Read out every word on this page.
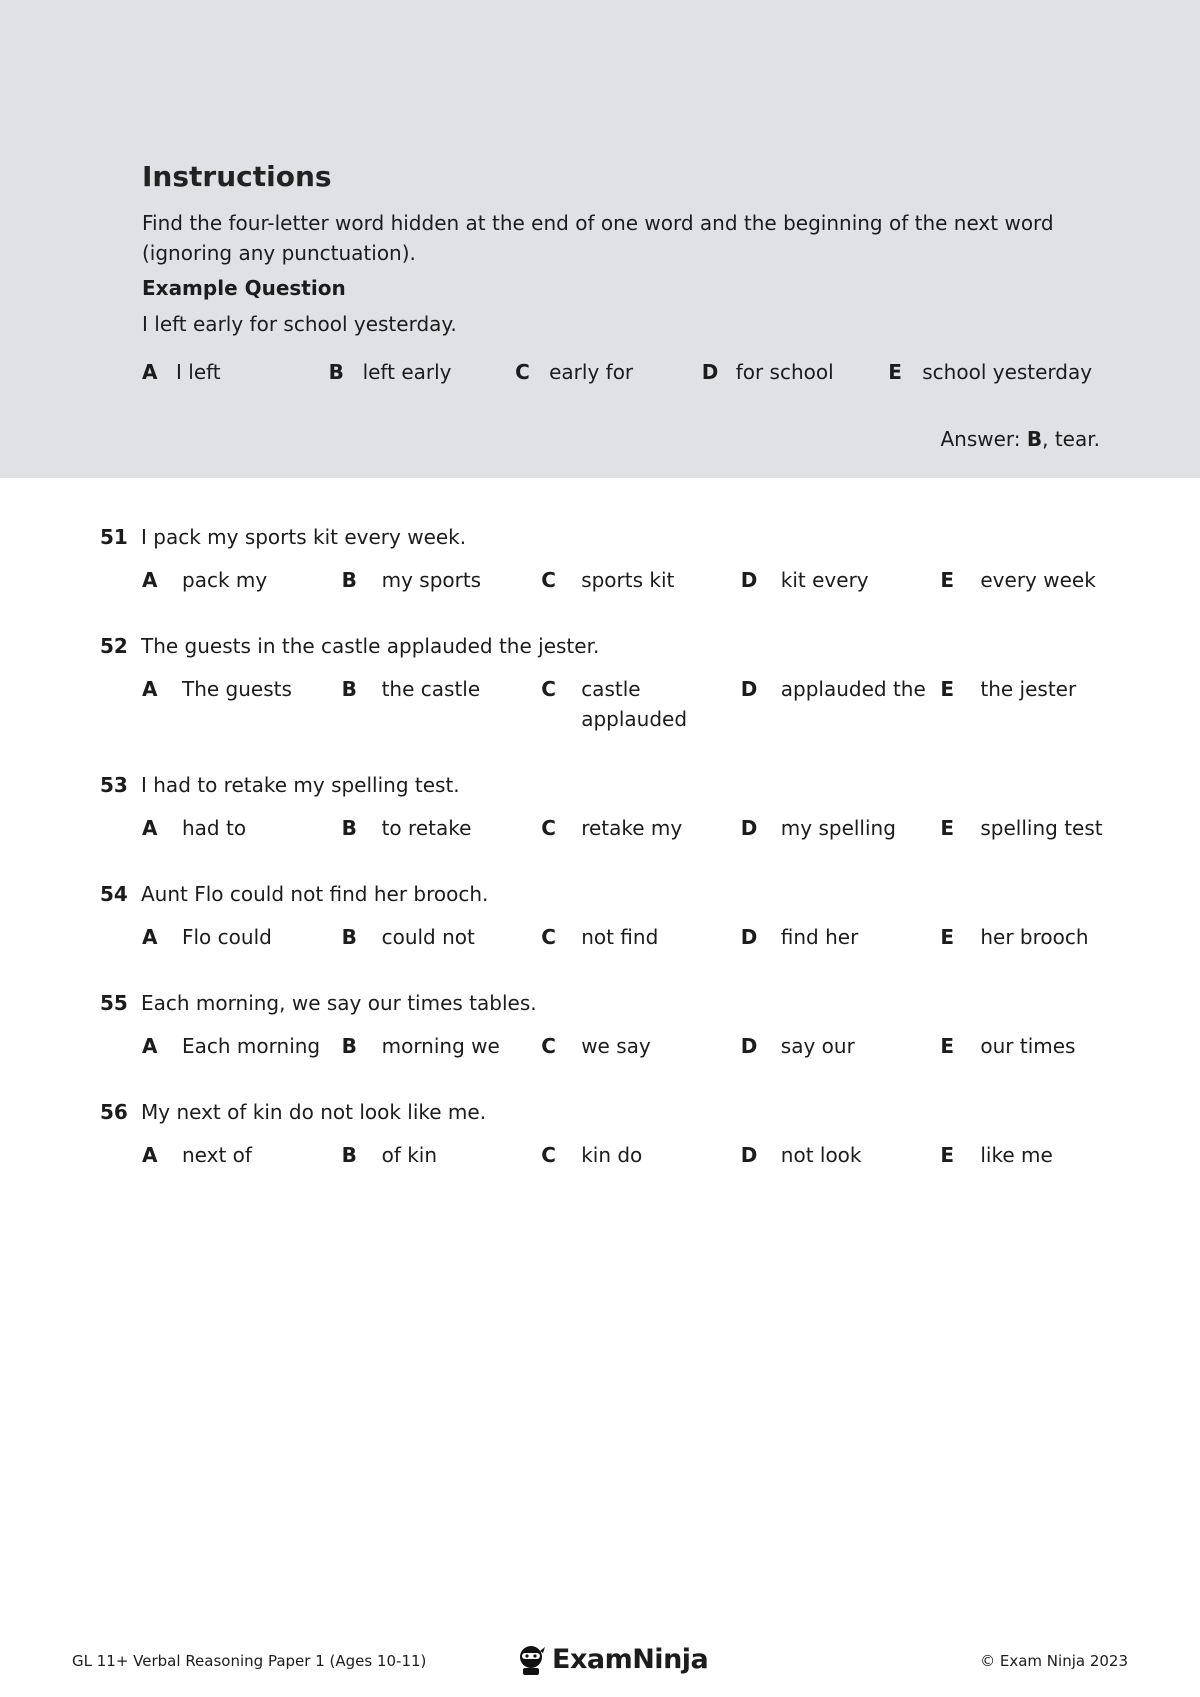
Instructions
Find the four-letter word hidden at the end of one word and the beginning of the next word (ignoring any punctuation).
Example Question
I left early for school yesterday.
A I left	B left early	C early for	D for school	E	school yesterday
Answer: B, tear.
51 I pack my sports kit every week.
A	pack my	B	my sports	C	sports kit	D	kit every	E	every week
52 The guests in the castle applauded the jester.
A	The guests	B	the castle	C	castle applauded
D	applauded the E	the jester
53 I had to retake my spelling test.
A	had to	B	to retake	C	retake my	D	my spelling	E	spelling test
54 Aunt Flo could not find her brooch.
A	Flo could	B	could not	C	not find	D	find her	E	her brooch
55 Each morning, we say our times tables.
A	Each morning	B	morning we	C	we say	D	say our	E	our times
56 My next of kin do not look like me.
A	next of	B	of kin	C	kin do	D	not look	E	like me
GL 11+ Verbal Reasoning Paper 1 (Ages 10-11)	ExamNinja	© Exam Ninja 2023
